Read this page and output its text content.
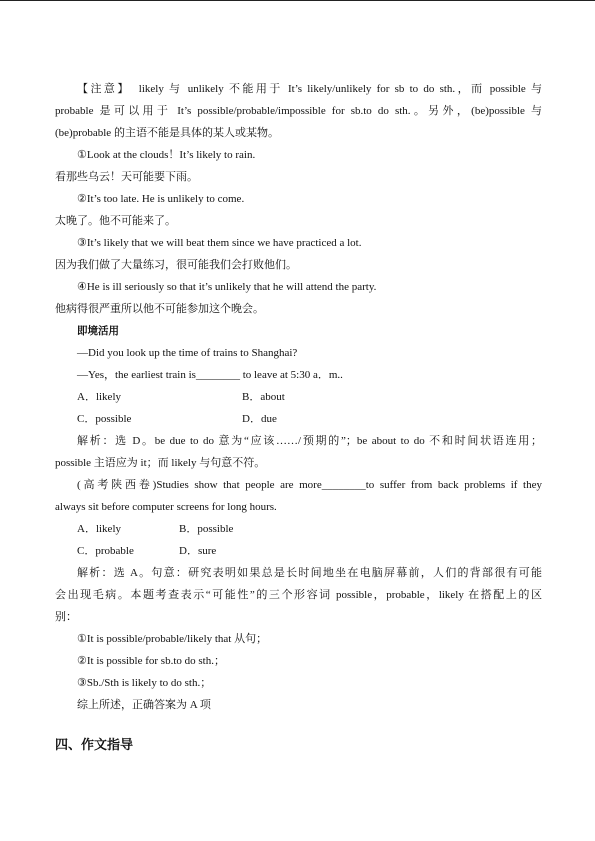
【注意】　likely 与 unlikely 不能用于 It’s likely/unlikely for sb to do sth.，而 possible 与

probable 是可以用于 It’s possible/probable/impossible for sb.to do sth.。另外，(be)possible 与

(be)probable 的主语不能是具体的某人或某物。

①Look at the clouds！It’s likely to rain.

看那些乌云！天可能要下雨。

②It’s too late. He is unlikely to come.

太晚了。他不可能来了。

③It’s likely that we will beat them since we have practiced a lot.

因为我们做了大量练习，很可能我们会打败他们。

④He is ill seriously so that it’s unlikely that he will attend the party.

他病得很严重所以他不可能参加这个晚会。

即境活用

—Did you look up the time of trains to Shanghai?

—Yes，the earliest train is________ to leave at 5:30 a．m..

A．likely	B．about
C．possible	D．due

解析：选 D。be due to do 意为“应该……/预期的”；be about to do 不和时间状语连用；

possible 主语应为 it；而 likely 与句意不符。

(高考陕西卷)Studies show that people are more________to suffer from back problems if they

always sit before computer screens for long hours.

A．likely	B．possible
C．probable	D．sure

解析：选 A。句意：研究表明如果总是长时间地坐在电脑屏幕前，人们的背部很有可能

会出现毛病。本题考查表示“可能性”的三个形容词 possible，probable，likely 在搭配上的区

别：

①It is possible/probable/likely that 从句；

②It is possible for sb.to do sth.；

③Sb./Sth is likely to do sth.；

综上所述，正确答案为 A 项

四、作文指导
